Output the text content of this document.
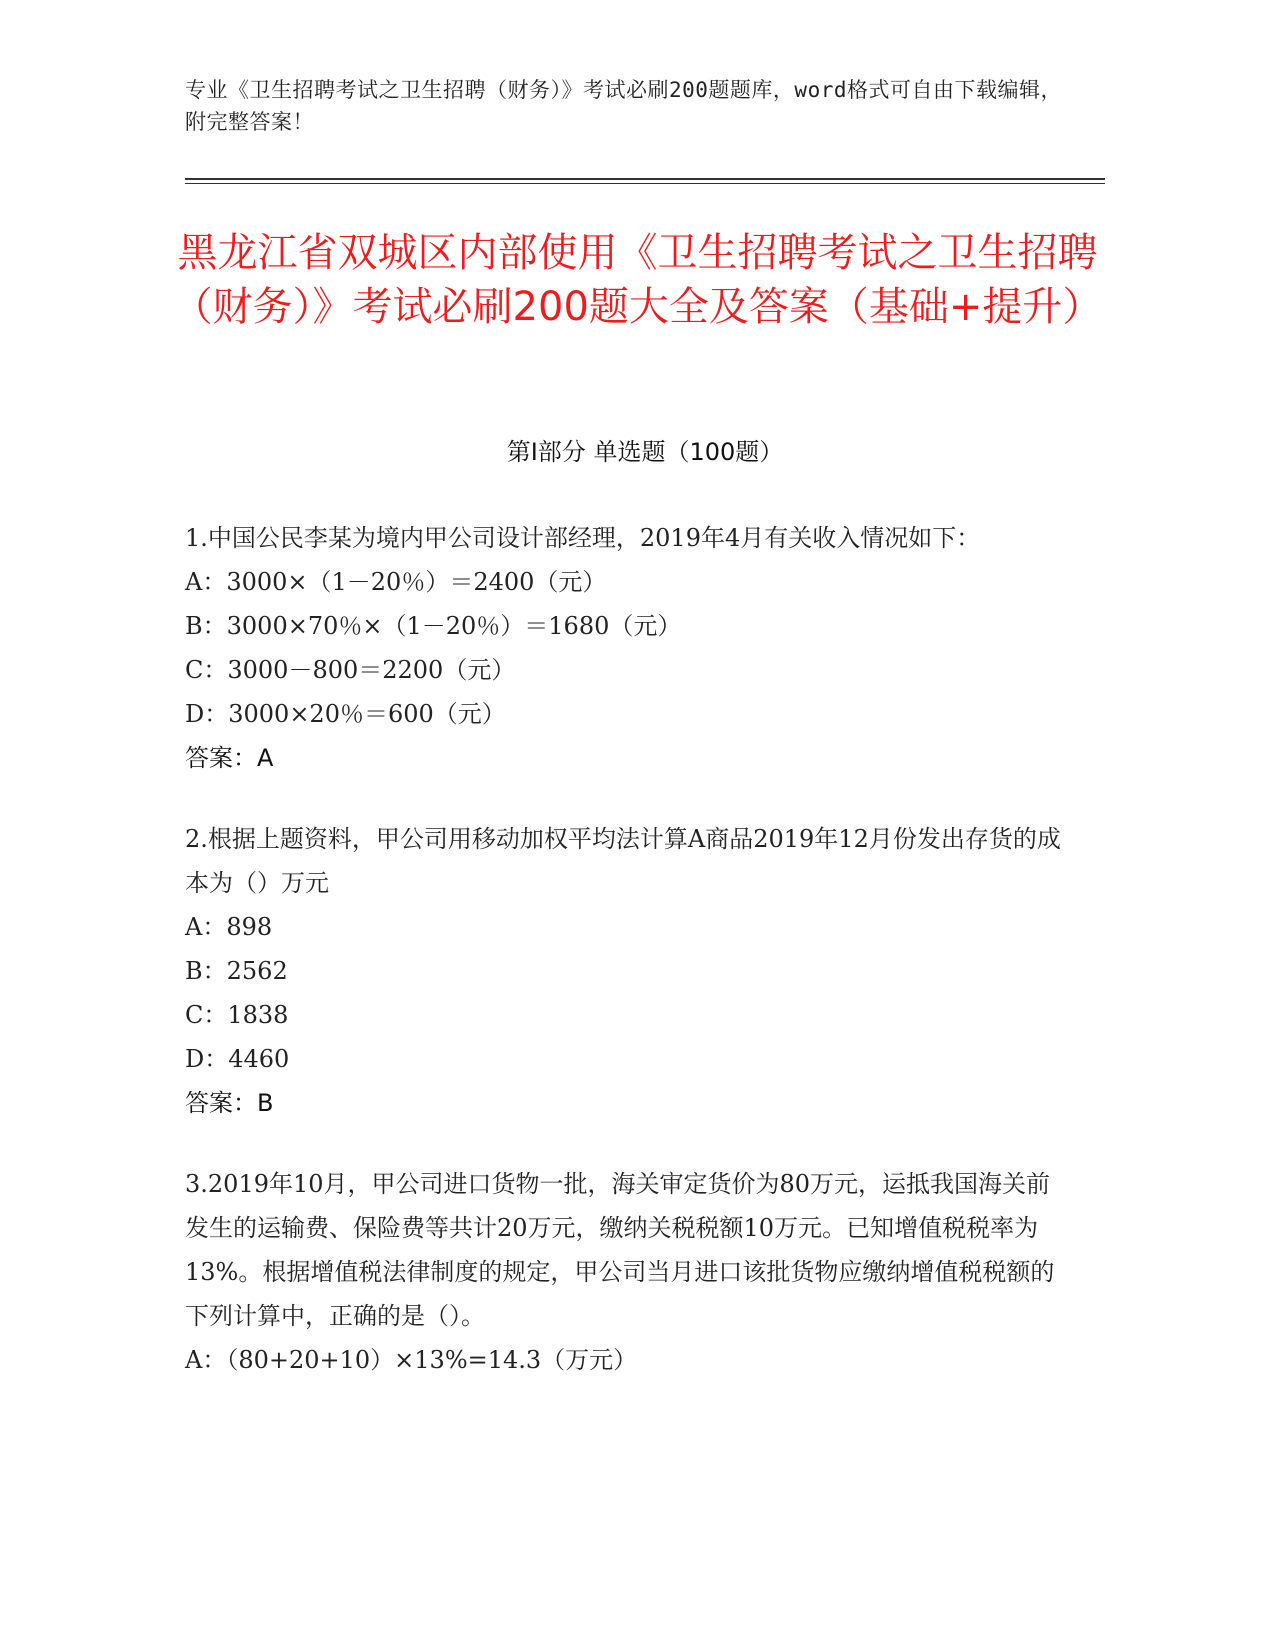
专业《卫生招聘考试之卫生招聘（财务）》考试必刷200题题库，word格式可自由下载编辑，附完整答案！
黑龙江省双城区内部使用《卫生招聘考试之卫生招聘（财务）》考试必刷200题大全及答案（基础+提升）
第Ⅰ部分 单选题（100题）

1.中国公民李某为境内甲公司设计部经理，2019年4月有关收入情况如下：

A：3000×（1－20％）＝2400（元）

B：3000×70％×（1－20％）＝1680（元）

C：3000－800＝2200（元）

D：3000×20％＝600（元）

答案：A

2.根据上题资料，甲公司用移动加权平均法计算A商品2019年12月份发出存货的成本为（）万元

A：898

B：2562

C：1838

D：4460

答案：B

3.2019年10月，甲公司进口货物一批，海关审定货价为80万元，运抵我国海关前发生的运输费、保险费等共计20万元，缴纳关税税额10万元。已知增值税税率为13%。根据增值税法律制度的规定，甲公司当月进口该批货物应缴纳增值税税额的下列计算中，正确的是（）。

A：（80+20+10）×13%=14.3（万元）
